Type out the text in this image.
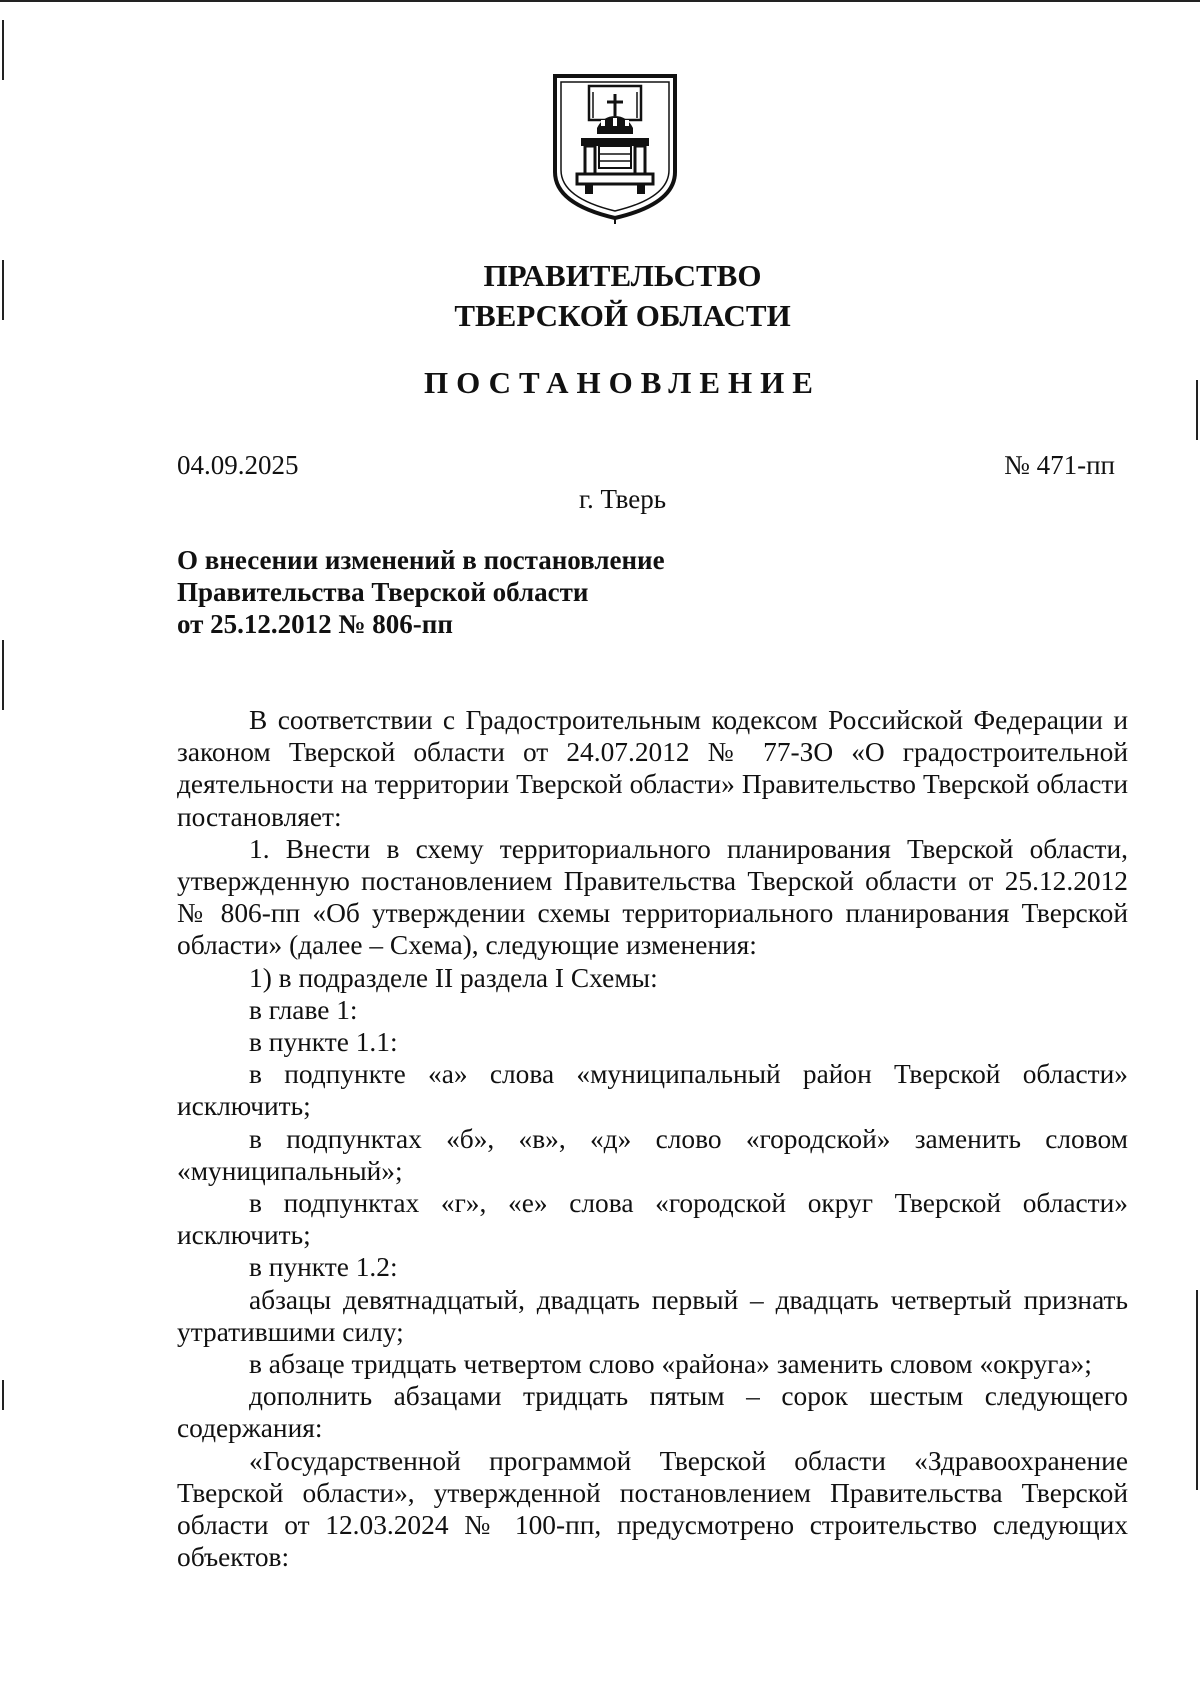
ПРАВИТЕЛЬСТВО
ТВЕРСКОЙ ОБЛАСТИ
ПОСТАНОВЛЕНИЕ
04.09.2025	№ 471-пп
г. Тверь
О внесении изменений в постановление
Правительства Тверской области
от 25.12.2012 № 806-пп

В соответствии с Градостроительным кодексом Российской Федерации и законом Тверской области от 24.07.2012 № 77-ЗО «О градостроительной деятельности на территории Тверской области» Правительство Тверской области постановляет:

1. Внести в схему территориального планирования Тверской области, утвержденную постановлением Правительства Тверской области от 25.12.2012 № 806-пп «Об утверждении схемы территориального планирования Тверской области» (далее – Схема), следующие изменения:

1) в подразделе II раздела I Схемы:

в главе 1:

в пункте 1.1:

в подпункте «а» слова «муниципальный район Тверской области» исключить;

в подпунктах «б», «в», «д» слово «городской» заменить словом «муниципальный»;

в подпунктах «г», «е» слова «городской округ Тверской области» исключить;

в пункте 1.2:

абзацы девятнадцатый, двадцать первый – двадцать четвертый признать утратившими силу;

в абзаце тридцать четвертом слово «района» заменить словом «округа»;

дополнить абзацами тридцать пятым – сорок шестым следующего содержания:

«Государственной программой Тверской области «Здравоохранение Тверской области», утвержденной постановлением Правительства Тверской области от 12.03.2024 № 100-пп, предусмотрено строительство следующих объектов:
